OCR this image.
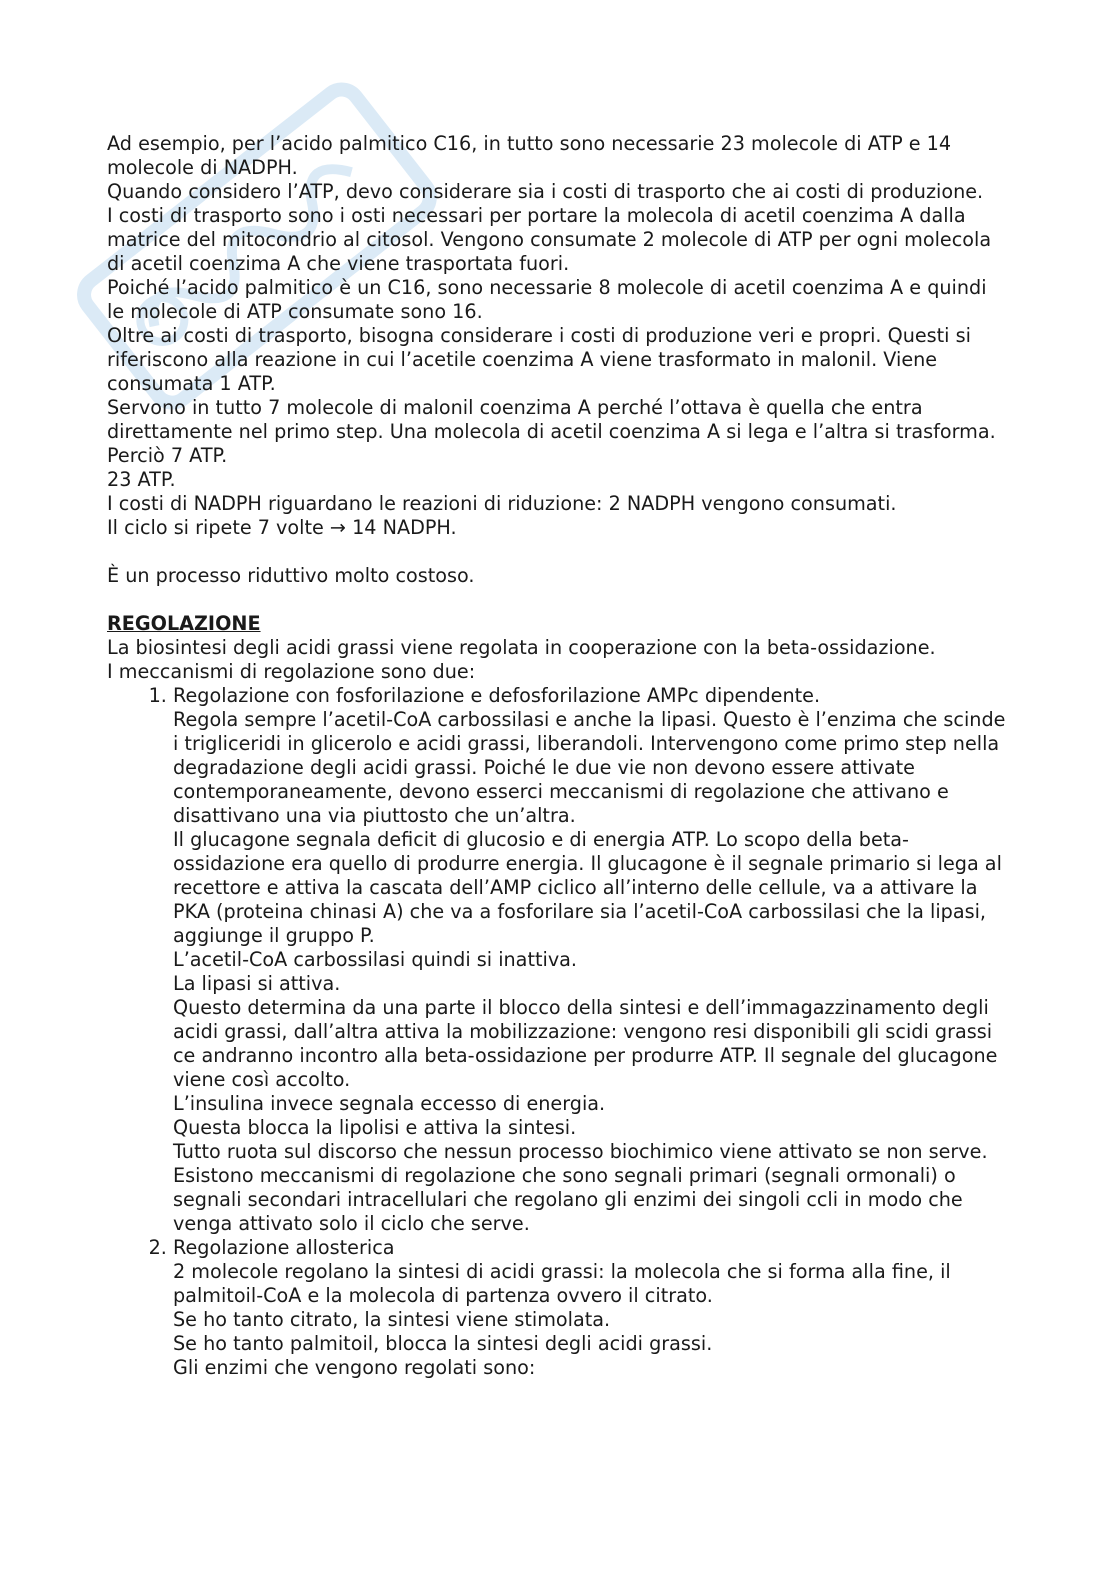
Ad esempio, per l’acido palmitico C16, in tutto sono necessarie 23 molecole di ATP e 14 molecole di NADPH.

Quando considero l’ATP, devo considerare sia i costi di trasporto che ai costi di produzione.

I costi di trasporto sono i osti necessari per portare la molecola di acetil coenzima A dalla matrice del mitocondrio al citosol. Vengono consumate 2 molecole di ATP per ogni molecola di acetil coenzima A che viene trasportata fuori.

Poiché l’acido palmitico è un C16, sono necessarie 8 molecole di acetil coenzima A e quindi le molecole di ATP consumate sono 16.

Oltre ai costi di trasporto, bisogna considerare i costi di produzione veri e propri. Questi si riferiscono alla reazione in cui l’acetile coenzima A viene trasformato in malonil. Viene consumata 1 ATP.

Servono in tutto 7 molecole di malonil coenzima A perché l’ottava è quella che entra direttamente nel primo step. Una molecola di acetil coenzima A si lega e l’altra si trasforma.

Perciò 7 ATP.

23 ATP.

I costi di NADPH riguardano le reazioni di riduzione: 2 NADPH vengono consumati.

Il ciclo si ripete 7 volte → 14 NADPH.

È un processo riduttivo molto costoso.

REGOLAZIONE

La biosintesi degli acidi grassi viene regolata in cooperazione con la beta-ossidazione.

I meccanismi di regolazione sono due:

1. Regolazione con fosforilazione e defosforilazione AMPc dipendente.

Regola sempre l’acetil-CoA carbossilasi e anche la lipasi. Questo è l’enzima che scinde i trigliceridi in glicerolo e acidi grassi, liberandoli. Intervengono come primo step nella degradazione degli acidi grassi. Poiché le due vie non devono essere attivate contemporaneamente, devono esserci meccanismi di regolazione che attivano e disattivano una via piuttosto che un’altra.

Il glucagone segnala deficit di glucosio e di energia ATP. Lo scopo della beta-ossidazione era quello di produrre energia. Il glucagone è il segnale primario si lega al recettore e attiva la cascata dell’AMP ciclico all’interno delle cellule, va a attivare la PKA (proteina chinasi A) che va a fosforilare sia l’acetil-CoA carbossilasi che la lipasi, aggiunge il gruppo P.

L’acetil-CoA carbossilasi quindi si inattiva.

La lipasi si attiva.

Questo determina da una parte il blocco della sintesi e dell’immagazzinamento degli acidi grassi, dall’altra attiva la mobilizzazione: vengono resi disponibili gli scidi grassi ce andranno incontro alla beta-ossidazione per produrre ATP. Il segnale del glucagone viene così accolto.

L’insulina invece segnala eccesso di energia.

Questa blocca la lipolisi e attiva la sintesi.

Tutto ruota sul discorso che nessun processo biochimico viene attivato se non serve.

Esistono meccanismi di regolazione che sono segnali primari (segnali ormonali) o segnali secondari intracellulari che regolano gli enzimi dei singoli ccli in modo che venga attivato solo il ciclo che serve.

2. Regolazione allosterica

2 molecole regolano la sintesi di acidi grassi: la molecola che si forma alla fine, il palmitoil-CoA e la molecola di partenza ovvero il citrato.

Se ho tanto citrato, la sintesi viene stimolata.

Se ho tanto palmitoil, blocca la sintesi degli acidi grassi.

Gli enzimi che vengono regolati sono:
